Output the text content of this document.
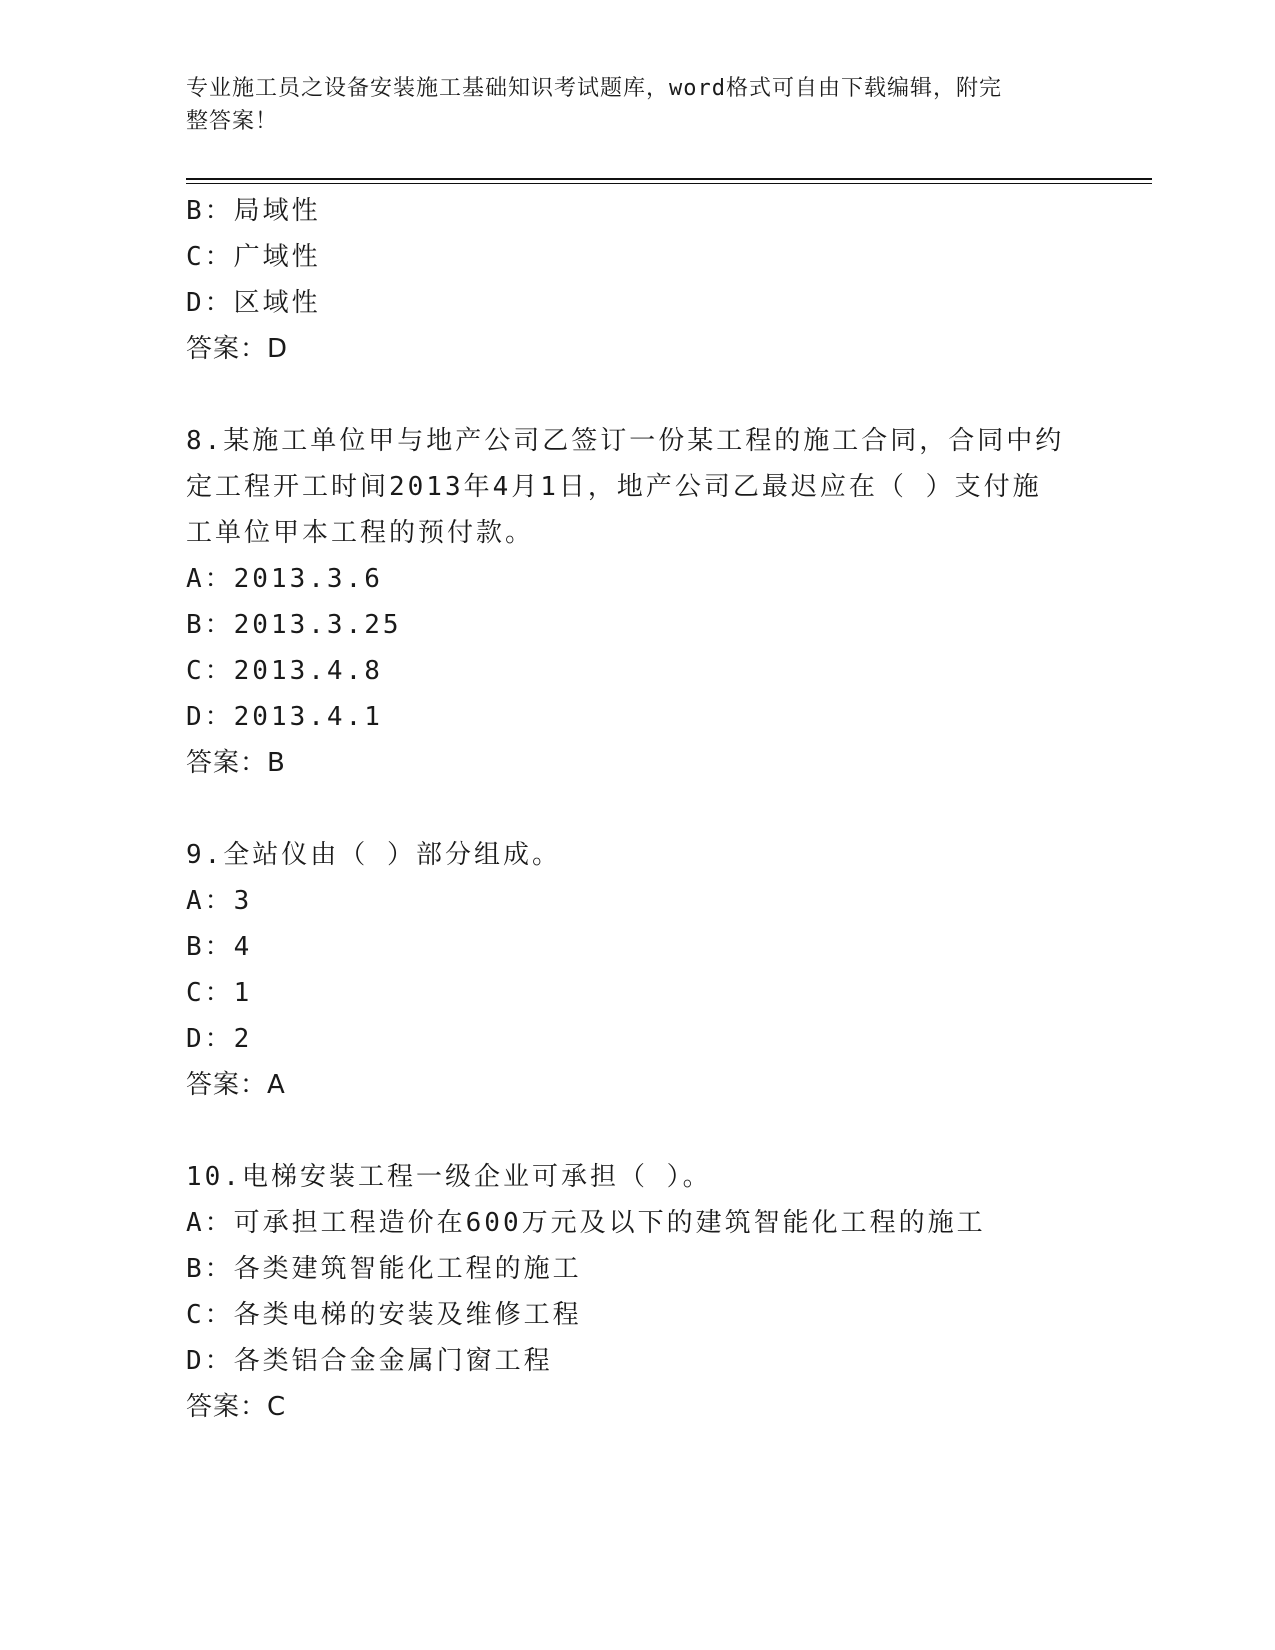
专业施工员之设备安装施工基础知识考试题库，word格式可自由下载编辑，附完
整答案！
B：局域性
C：广域性
D：区域性
答案：D
8.某施工单位甲与地产公司乙签订一份某工程的施工合同，合同中约
定工程开工时间2013年4月1日，地产公司乙最迟应在（ ）支付施
工单位甲本工程的预付款。
A：2013.3.6
B：2013.3.25
C：2013.4.8
D：2013.4.1
答案：B
9.全站仪由（ ）部分组成。
A：3
B：4
C：1
D：2
答案：A
10.电梯安装工程一级企业可承担（ ）。
A：可承担工程造价在600万元及以下的建筑智能化工程的施工
B：各类建筑智能化工程的施工
C：各类电梯的安装及维修工程
D：各类铝合金金属门窗工程
答案：C
